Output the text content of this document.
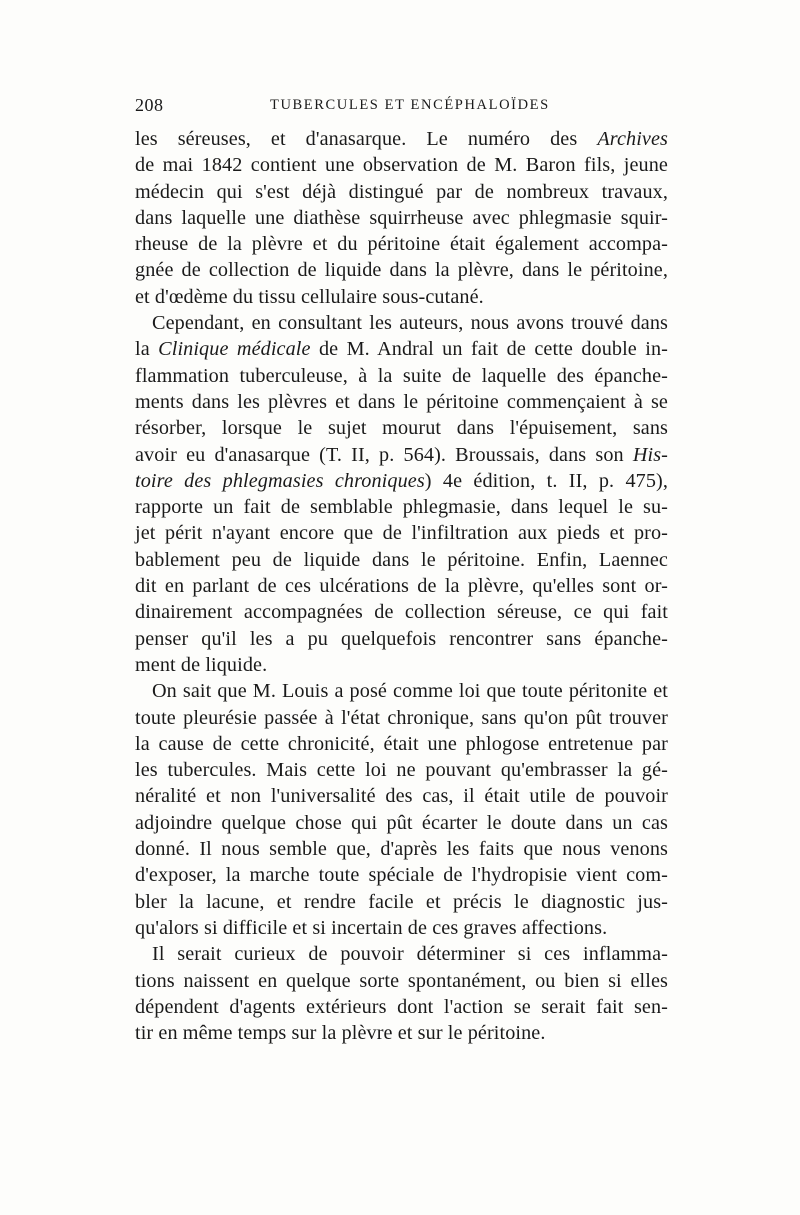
208	TUBERCULES ET ENCÉPHALOÏDES
les séreuses, et d'anasarque. Le numéro des Archives
de mai 1842 contient une observation de M. Baron fils, jeune
médecin qui s'est déjà distingué par de nombreux travaux,
dans laquelle une diathèse squirrheuse avec phlegmasie squir-
rheuse de la plèvre et du péritoine était également accompa-
gnée de collection de liquide dans la plèvre, dans le péritoine,
et d'œdème du tissu cellulaire sous-cutané.
Cependant, en consultant les auteurs, nous avons trouvé dans
la Clinique médicale de M. Andral un fait de cette double in-
flammation tuberculeuse, à la suite de laquelle des épanche-
ments dans les plèvres et dans le péritoine commençaient à se
résorber, lorsque le sujet mourut dans l'épuisement, sans
avoir eu d'anasarque (T. II, p. 564). Broussais, dans son His-
toire des phlegmasies chroniques) 4e édition, t. II, p. 475),
rapporte un fait de semblable phlegmasie, dans lequel le su-
jet périt n'ayant encore que de l'infiltration aux pieds et pro-
bablement peu de liquide dans le péritoine. Enfin, Laennec
dit en parlant de ces ulcérations de la plèvre, qu'elles sont or-
dinairement accompagnées de collection séreuse, ce qui fait
penser qu'il les a pu quelquefois rencontrer sans épanche-
ment de liquide.
On sait que M. Louis a posé comme loi que toute péritonite et
toute pleurésie passée à l'état chronique, sans qu'on pût trouver
la cause de cette chronicité, était une phlogose entretenue par
les tubercules. Mais cette loi ne pouvant qu'embrasser la gé-
néralité et non l'universalité des cas, il était utile de pouvoir
adjoindre quelque chose qui pût écarter le doute dans un cas
donné. Il nous semble que, d'après les faits que nous venons
d'exposer, la marche toute spéciale de l'hydropisie vient com-
bler la lacune, et rendre facile et précis le diagnostic jus-
qu'alors si difficile et si incertain de ces graves affections.
Il serait curieux de pouvoir déterminer si ces inflamma-
tions naissent en quelque sorte spontanément, ou bien si elles
dépendent d'agents extérieurs dont l'action se serait fait sen-
tir en même temps sur la plèvre et sur le péritoine.
